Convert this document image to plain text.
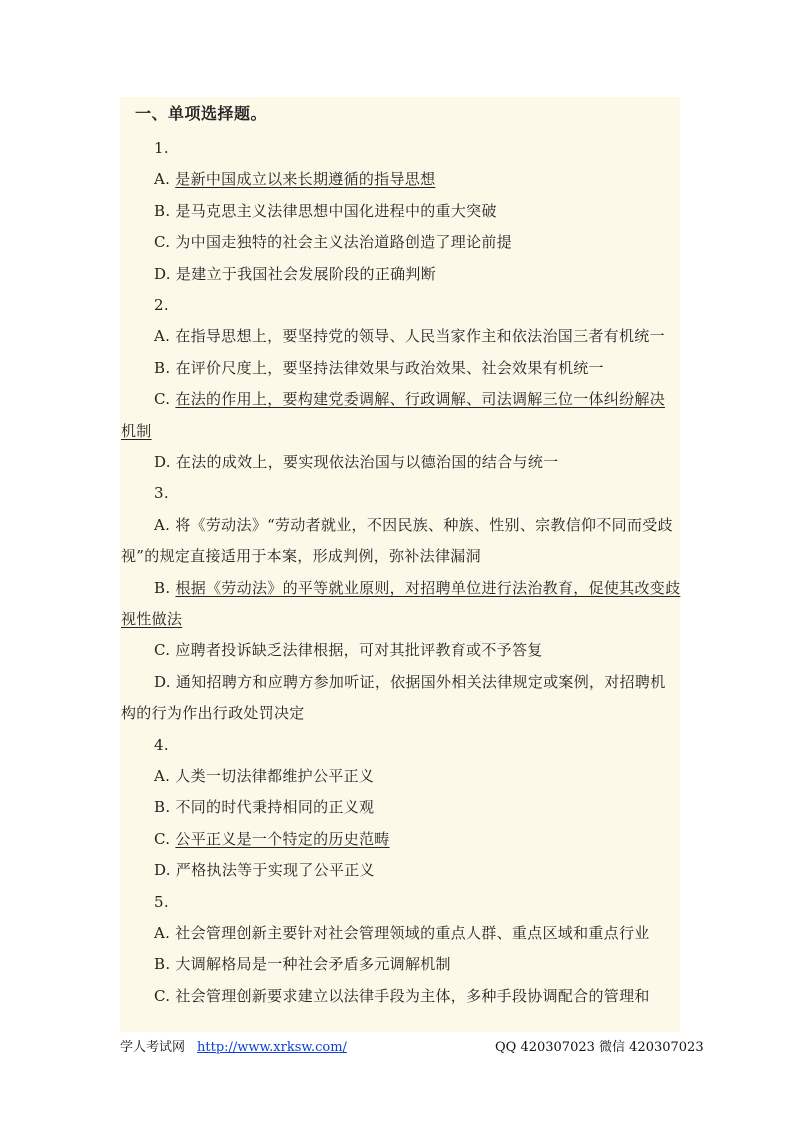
一、单项选择题。
1.
A. 是新中国成立以来长期遵循的指导思想
B. 是马克思主义法律思想中国化进程中的重大突破
C. 为中国走独特的社会主义法治道路创造了理论前提
D. 是建立于我国社会发展阶段的正确判断
2.
A. 在指导思想上，要坚持党的领导、人民当家作主和依法治国三者有机统一
B. 在评价尺度上，要坚持法律效果与政治效果、社会效果有机统一
C. 在法的作用上，要构建党委调解、行政调解、司法调解三位一体纠纷解决
机制
D. 在法的成效上，要实现依法治国与以德治国的结合与统一
3.
A. 将《劳动法》“劳动者就业，不因民族、种族、性别、宗教信仰不同而受歧
视”的规定直接适用于本案，形成判例，弥补法律漏洞
B. 根据《劳动法》的平等就业原则，对招聘单位进行法治教育，促使其改变歧
视性做法
C. 应聘者投诉缺乏法律根据，可对其批评教育或不予答复
D. 通知招聘方和应聘方参加听证，依据国外相关法律规定或案例，对招聘机
构的行为作出行政处罚决定
4.
A. 人类一切法律都维护公平正义
B. 不同的时代秉持相同的正义观
C. 公平正义是一个特定的历史范畴
D. 严格执法等于实现了公平正义
5.
A. 社会管理创新主要针对社会管理领域的重点人群、重点区域和重点行业
B. 大调解格局是一种社会矛盾多元调解机制
C. 社会管理创新要求建立以法律手段为主体，多种手段协调配合的管理和
学人考试网 http://www.xrksw.com/	QQ 420307023 微信 420307023
